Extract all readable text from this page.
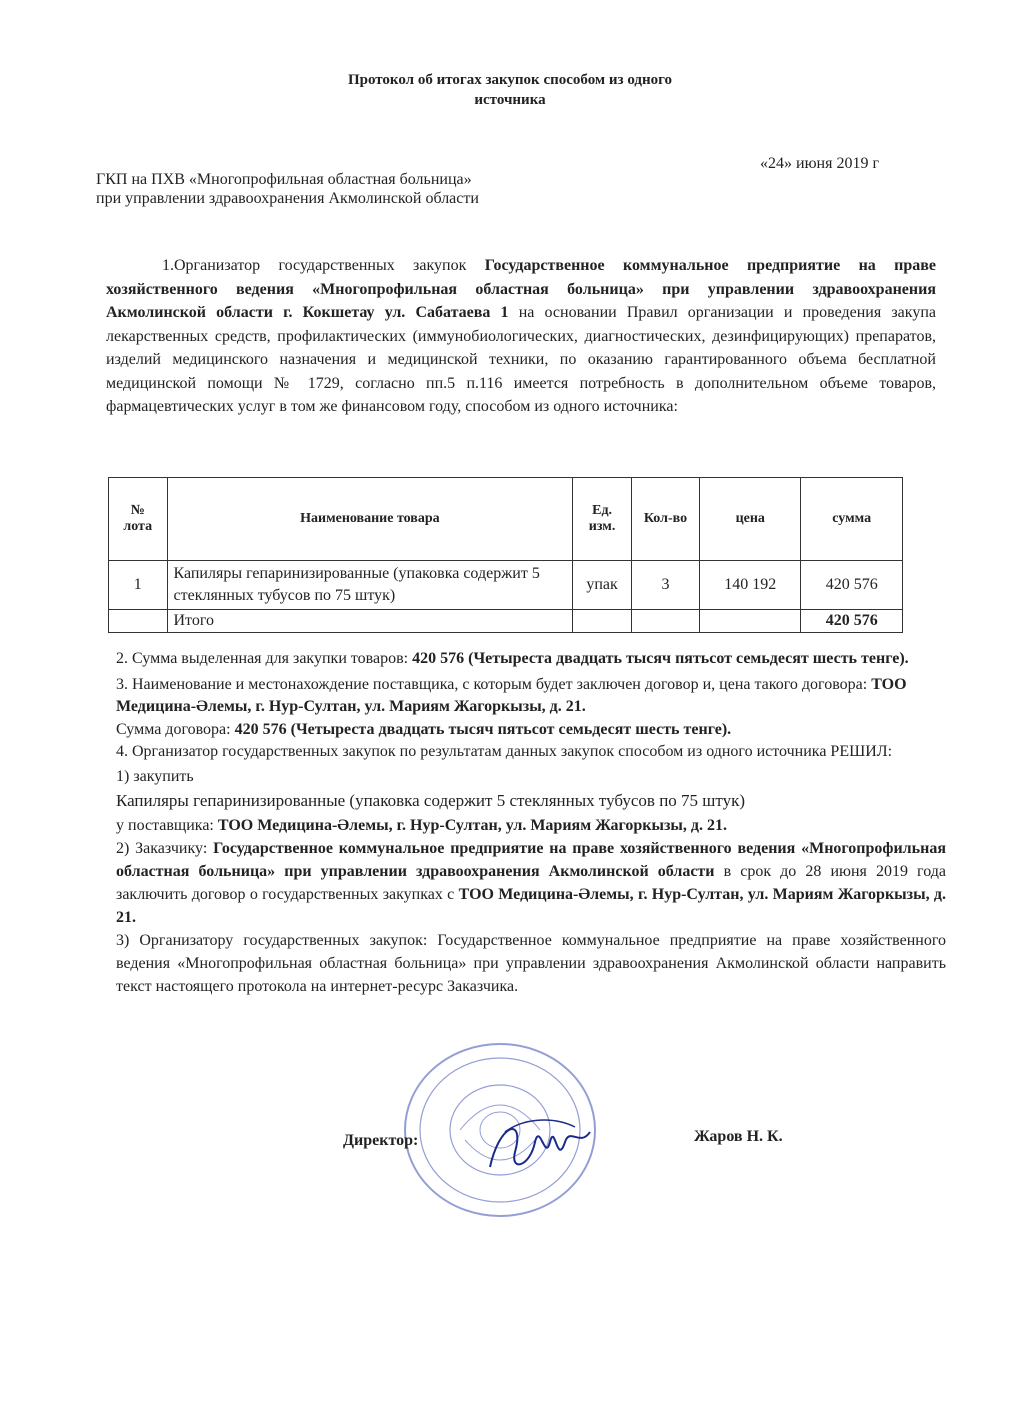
Протокол об итогах закупок способом из одного
источника
«24» июня 2019 г
ГКП на ПХВ «Многопрофильная областная больница»
при управлении здравоохранения Акмолинской области
1.Организатор государственных закупок Государственное коммунальное предприятие на праве хозяйственного ведения «Многопрофильная областная больница» при управлении здравоохранения Акмолинской области г. Кокшетау ул. Сабатаева 1 на основании Правил организации и проведения закупа лекарственных средств, профилактических (иммунобиологических, диагностических, дезинфицирующих) препаратов, изделий медицинского назначения и медицинской техники, по оказанию гарантированного объема бесплатной медицинской помощи № 1729, согласно пп.5 п.116 имеется потребность в дополнительном объеме товаров, фармацевтических услуг в том же финансовом году, способом из одного источника:
№ лота	Наименование товара	Ед. изм.	Кол-во	цена	сумма
1	Капиляры гепаринизированные (упаковка содержит 5 стеклянных тубусов по 75 штук)	упак	3	140 192	420 576
	Итого				420 576

2. Сумма выделенная для закупки товаров: 420 576 (Четыреста двадцать тысяч пятьсот семьдесят шесть тенге).

3. Наименование и местонахождение поставщика, с которым будет заключен договор и, цена такого договора: ТОО Медицина-Әлемы, г. Нур-Султан, ул. Мариям Жагоркызы, д. 21.

Сумма договора: 420 576 (Четыреста двадцать тысяч пятьсот семьдесят шесть тенге).

4. Организатор государственных закупок по результатам данных закупок способом из одного источника РЕШИЛ:

1) закупить

Капиляры гепаринизированные (упаковка содержит 5 стеклянных тубусов по 75 штук)

у поставщика: ТОО Медицина-Әлемы, г. Нур-Султан, ул. Мариям Жагоркызы, д. 21.

2) Заказчику: Государственное коммунальное предприятие на праве хозяйственного ведения «Многопрофильная областная больница» при управлении здравоохранения Акмолинской области в срок до 28 июня 2019 года заключить договор о государственных закупках с ТОО Медицина-Әлемы, г. Нур-Султан, ул. Мариям Жагоркызы, д. 21.

3) Организатору государственных закупок: Государственное коммунальное предприятие на праве хозяйственного ведения «Многопрофильная областная больница» при управлении здравоохранения Акмолинской области направить текст настоящего протокола на интернет-ресурс Заказчика.

Директор:	Жаров Н. К.
